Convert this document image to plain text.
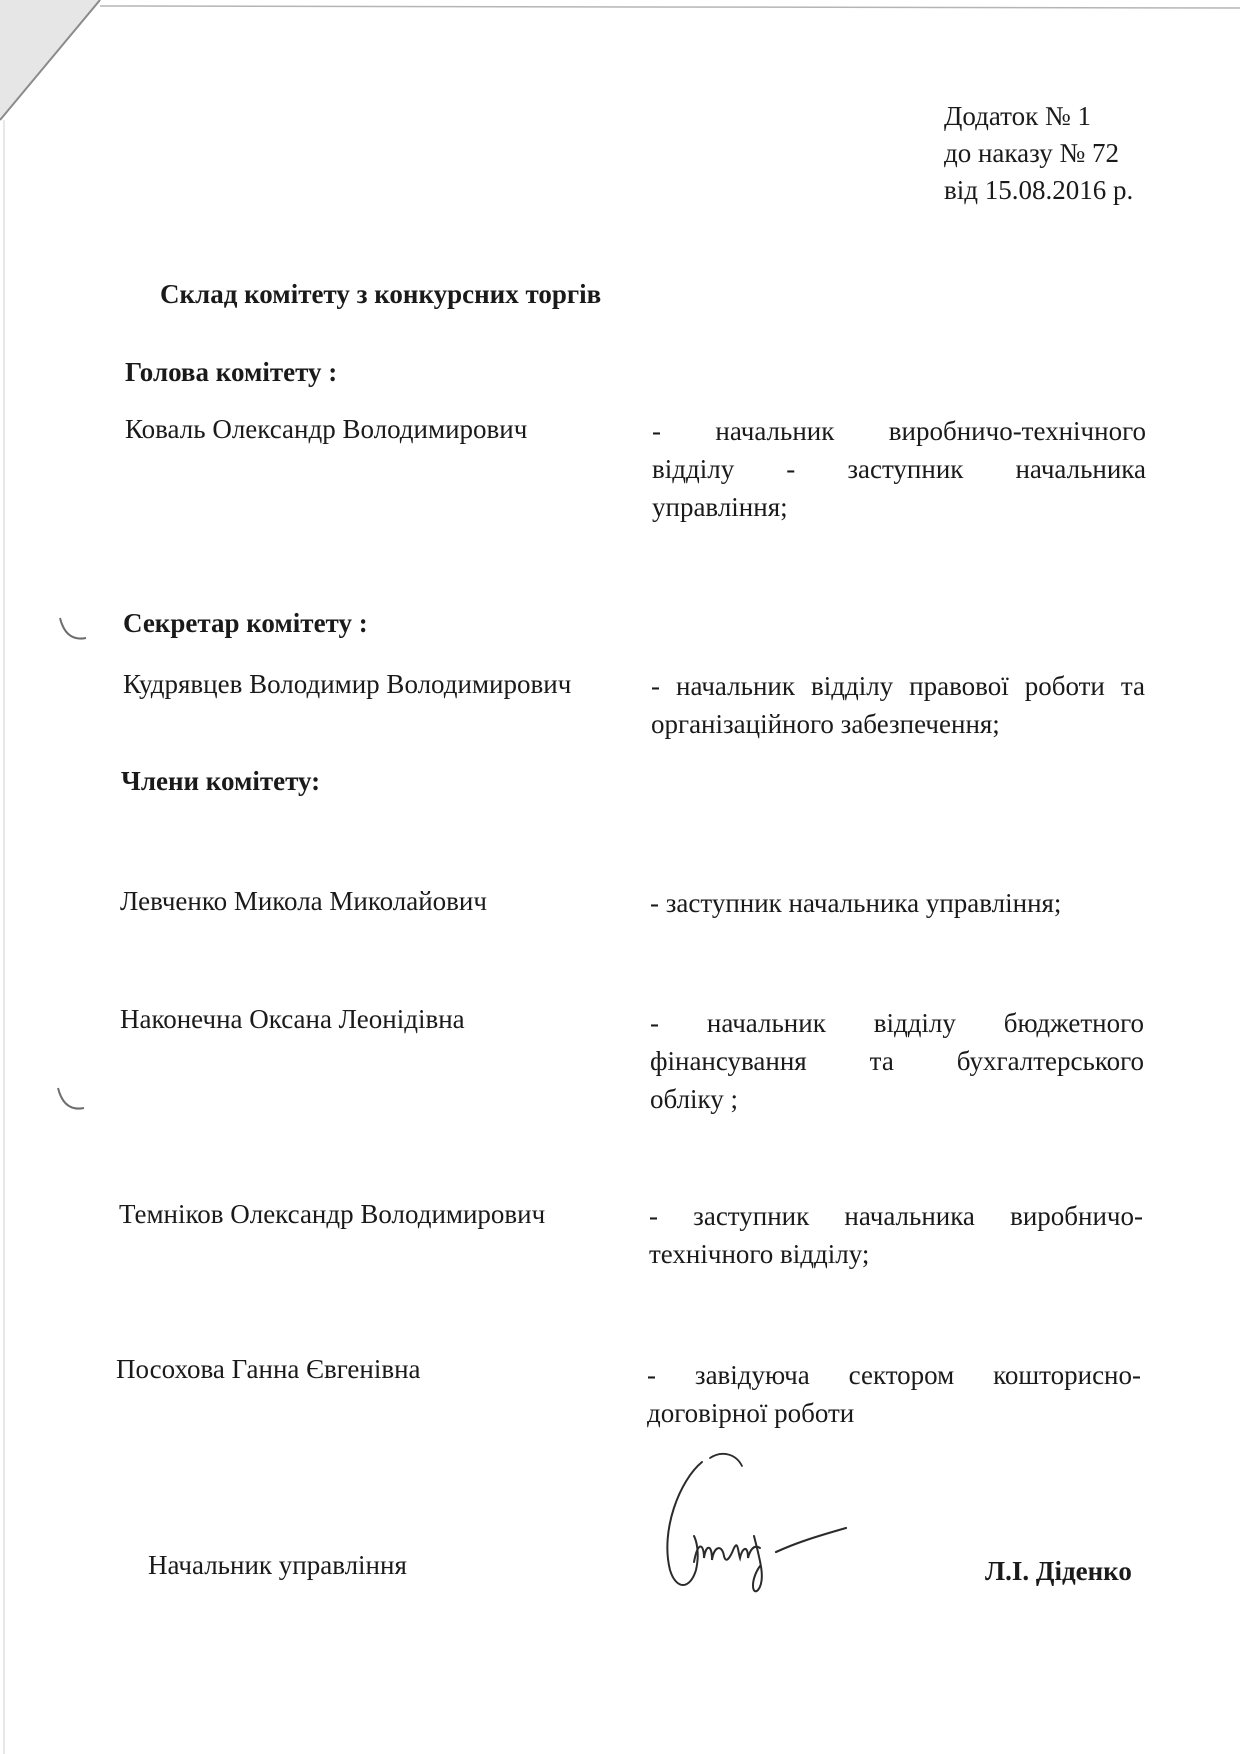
Додаток № 1
до наказу № 72
від 15.08.2016 р.
Склад комітету з конкурсних торгів
Голова комітету :
Коваль Олександр Володимирович	- начальник виробничо-технічного
відділу - заступник начальника
управління;
Секретар комітету :
Кудрявцев Володимир Володимирович	- начальник відділу правової роботи та
організаційного забезпечення;
Члени комітету:
Левченко Микола Миколайович	- заступник начальника управління;
Наконечна Оксана Леонідівна	- начальник відділу бюджетного
фінансування та бухгалтерського
обліку ;
Темніков Олександр Володимирович	- заступник начальника виробничо-
технічного відділу;
Посохова Ганна Євгенівна	- завідуюча сектором кошторисно-
договірної роботи
Начальник управління	Л.І. Діденко
